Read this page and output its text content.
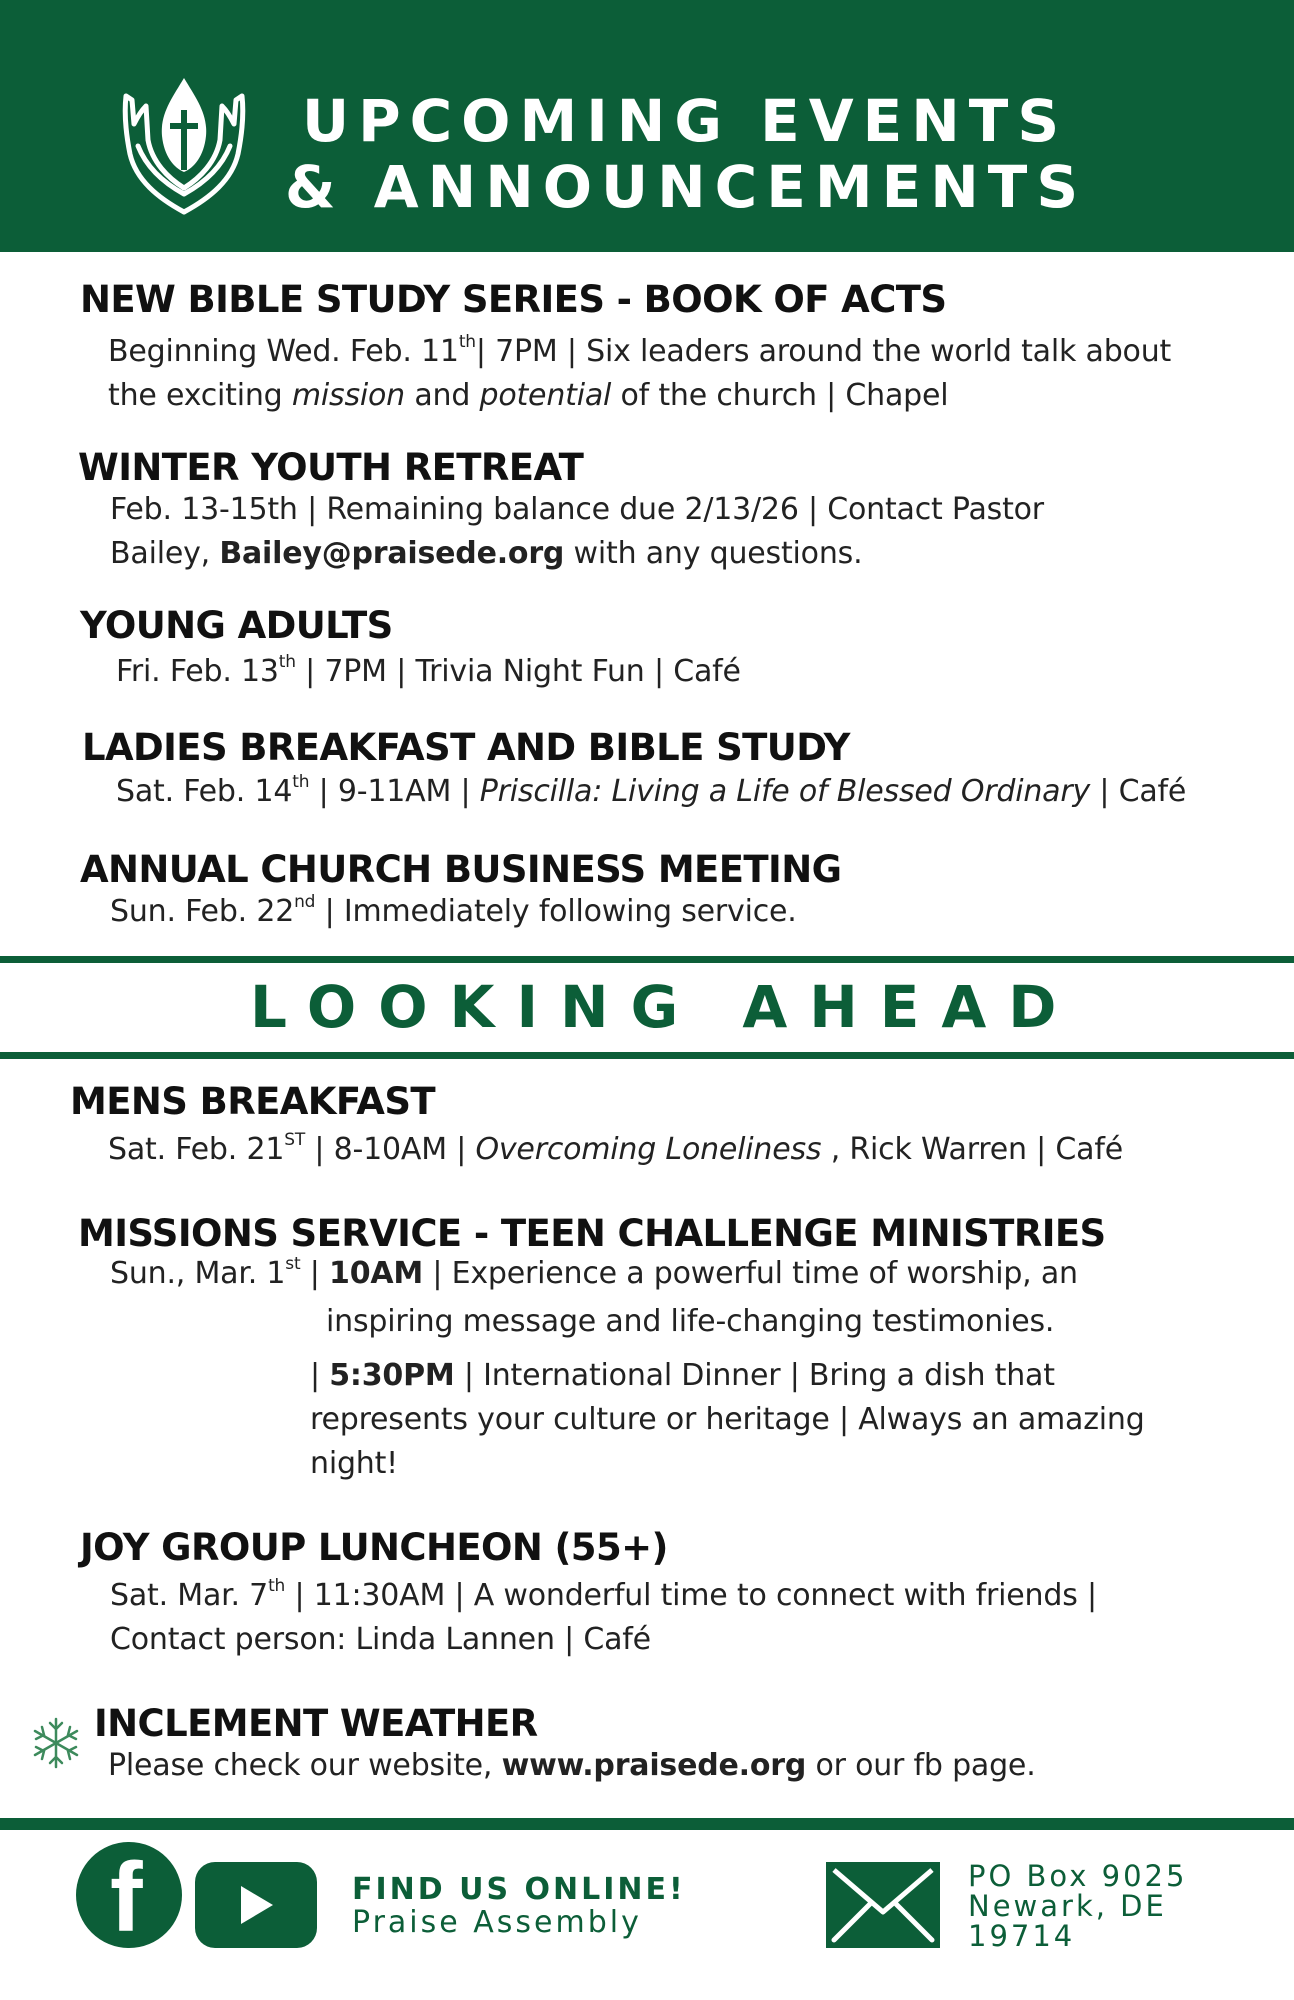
UPCOMING EVENTS
& ANNOUNCEMENTS
NEW BIBLE STUDY SERIES - BOOK OF ACTS
Beginning Wed. Feb. 11th| 7PM | Six leaders around the world talk about
the exciting mission and potential of the church | Chapel
WINTER YOUTH RETREAT
Feb. 13-15th | Remaining balance due 2/13/26 | Contact Pastor
Bailey, Bailey@praisede.org with any questions.
YOUNG ADULTS
Fri. Feb. 13th | 7PM | Trivia Night Fun | Café
LADIES BREAKFAST AND BIBLE STUDY
Sat. Feb. 14th | 9-11AM | Priscilla: Living a Life of Blessed Ordinary | Café
ANNUAL CHURCH BUSINESS MEETING
Sun. Feb. 22nd | Immediately following service.
LOOKING AHEAD
MENS BREAKFAST
Sat. Feb. 21ST | 8-10AM | Overcoming Loneliness , Rick Warren | Café
MISSIONS SERVICE - TEEN CHALLENGE MINISTRIES
Sun., Mar. 1st | 10AM | Experience a powerful time of worship, an
inspiring message and life-changing testimonies.
| 5:30PM | International Dinner | Bring a dish that
represents your culture or heritage | Always an amazing
night!
JOY GROUP LUNCHEON (55+)
Sat. Mar. 7th | 11:30AM | A wonderful time to connect with friends |
Contact person: Linda Lannen | Café
INCLEMENT WEATHER
Please check our website, www.praisede.org or our fb page.
f	FIND US ONLINE!
Praise Assembly
PO Box 9025
Newark, DE
19714
